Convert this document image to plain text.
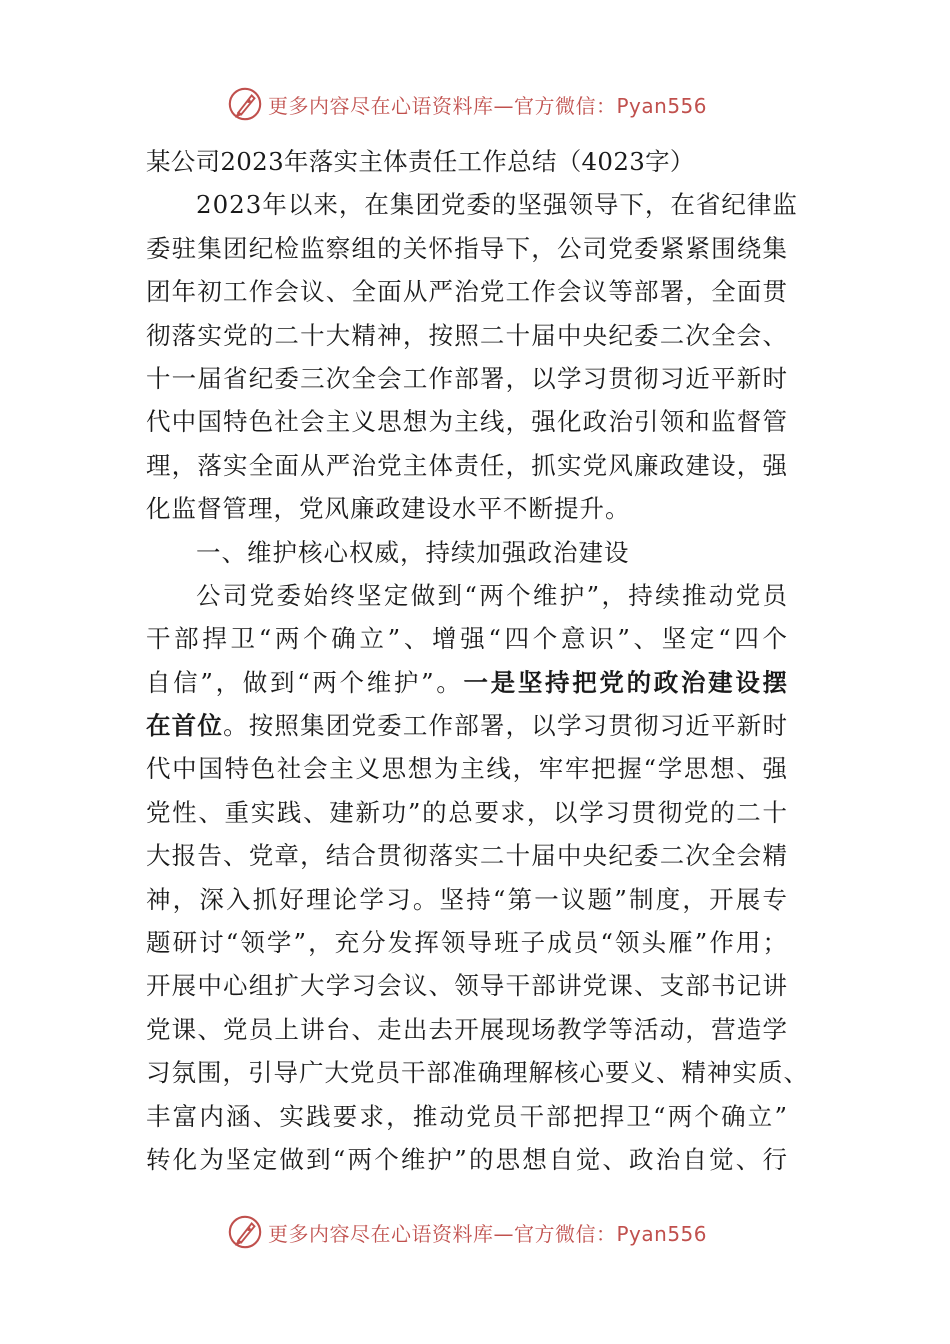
更多内容尽在心语资料库—官方微信：Pyan556
某公司2023年落实主体责任工作总结（4023字）
2023年以来，在集团党委的坚强领导下，在省纪律监
委驻集团纪检监察组的关怀指导下，公司党委紧紧围绕集
团年初工作会议、全面从严治党工作会议等部署，全面贯
彻落实党的二十大精神，按照二十届中央纪委二次全会、
十一届省纪委三次全会工作部署，以学习贯彻习近平新时
代中国特色社会主义思想为主线，强化政治引领和监督管
理，落实全面从严治党主体责任，抓实党风廉政建设，强
化监督管理，党风廉政建设水平不断提升。
一、维护核心权威，持续加强政治建设
公司党委始终坚定做到“两个维护”，持续推动党员
干部捍卫“两个确立”、增强“四个意识”、坚定“四个
自信”，做到“两个维护”。一是坚持把党的政治建设摆
在首位。按照集团党委工作部署，以学习贯彻习近平新时
代中国特色社会主义思想为主线，牢牢把握“学思想、强
党性、重实践、建新功”的总要求，以学习贯彻党的二十
大报告、党章，结合贯彻落实二十届中央纪委二次全会精
神，深入抓好理论学习。坚持“第一议题”制度，开展专
题研讨“领学”，充分发挥领导班子成员“领头雁”作用；
开展中心组扩大学习会议、领导干部讲党课、支部书记讲
党课、党员上讲台、走出去开展现场教学等活动，营造学
习氛围，引导广大党员干部准确理解核心要义、精神实质、
丰富内涵、实践要求，推动党员干部把捍卫“两个确立”
转化为坚定做到“两个维护”的思想自觉、政治自觉、行
更多内容尽在心语资料库—官方微信：Pyan556
